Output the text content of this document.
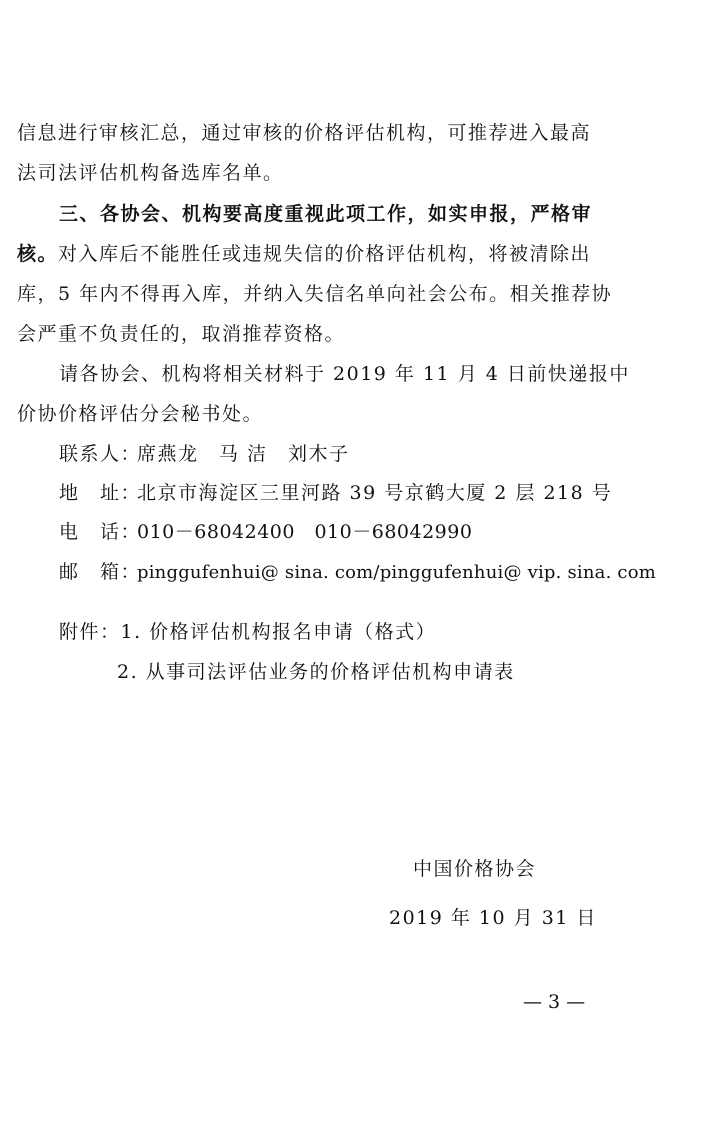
信息进行审核汇总，通过审核的价格评估机构，可推荐进入最高
法司法评估机构备选库名单。
三、各协会、机构要高度重视此项工作，如实申报，严格审
核。对入库后不能胜任或违规失信的价格评估机构，将被清除出
库，5 年内不得再入库，并纳入失信名单向社会公布。相关推荐协
会严重不负责任的，取消推荐资格。
请各协会、机构将相关材料于 2019 年 11 月 4 日前快递报中
价协价格评估分会秘书处。
联系人：席燕龙　马 洁　刘木子
地　址：北京市海淀区三里河路 39 号京鹤大厦 2 层 218 号
电　话：010－68042400　010－68042990
邮　箱：pinggufenhui@ sina. com/pinggufenhui@ vip. sina. com
附件：1. 价格评估机构报名申请（格式）
2. 从事司法评估业务的价格评估机构申请表
中国价格协会
2019 年 10 月 31 日
— 3 —
